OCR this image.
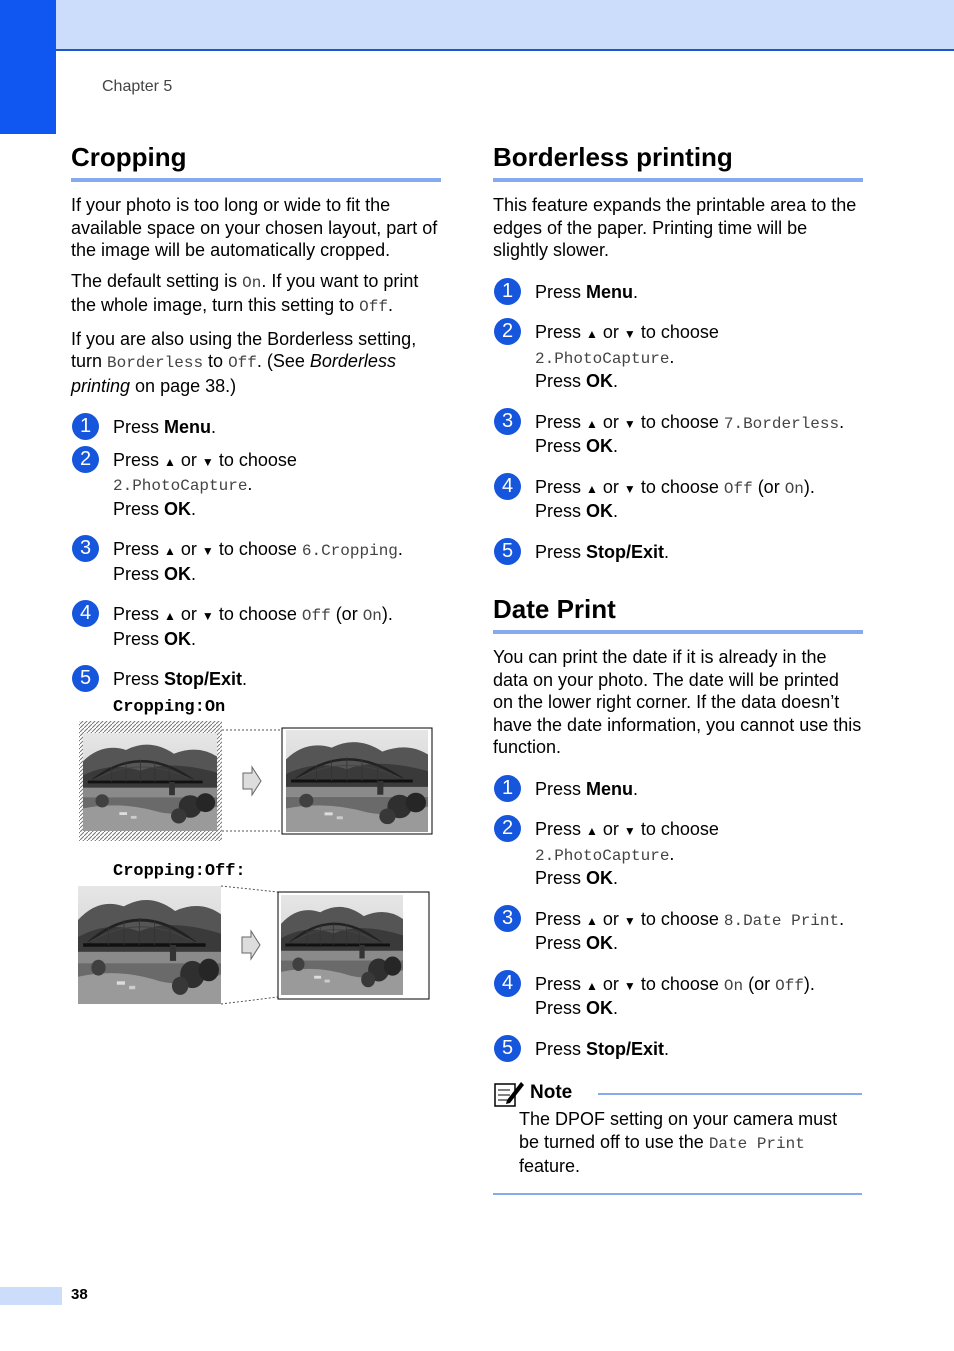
Chapter 5
Cropping

If your photo is too long or wide to fit the available space on your chosen layout, part of the image will be automatically cropped.

The default setting is On. If you want to print the whole image, turn this setting to Off.

If you are also using the Borderless setting, turn Borderless to Off. (See Borderless printing on page 38.)

1	Press Menu.
2	Press ▲ or ▼ to choose
2.PhotoCapture.
Press OK.
3	Press ▲ or ▼ to choose 6.Cropping.
Press OK.
4	Press ▲ or ▼ to choose Off (or On).
Press OK.
5	Press Stop/Exit.
Cropping:On
Cropping:Off:
Borderless printing

This feature expands the printable area to the edges of the paper. Printing time will be slightly slower.

1	Press Menu.
2	Press ▲ or ▼ to choose
2.PhotoCapture.
Press OK.
3	Press ▲ or ▼ to choose 7.Borderless.
Press OK.
4	Press ▲ or ▼ to choose Off (or On).
Press OK.
5	Press Stop/Exit.
Date Print

You can print the date if it is already in the data on your photo. The date will be printed on the lower right corner. If the data doesn’t have the date information, you cannot use this function.

1	Press Menu.
2	Press ▲ or ▼ to choose
2.PhotoCapture.
Press OK.
3	Press ▲ or ▼ to choose 8.Date Print.
Press OK.
4	Press ▲ or ▼ to choose On (or Off).
Press OK.
5	Press Stop/Exit.
Note

The DPOF setting on your camera must be turned off to use the Date Print feature.

38
